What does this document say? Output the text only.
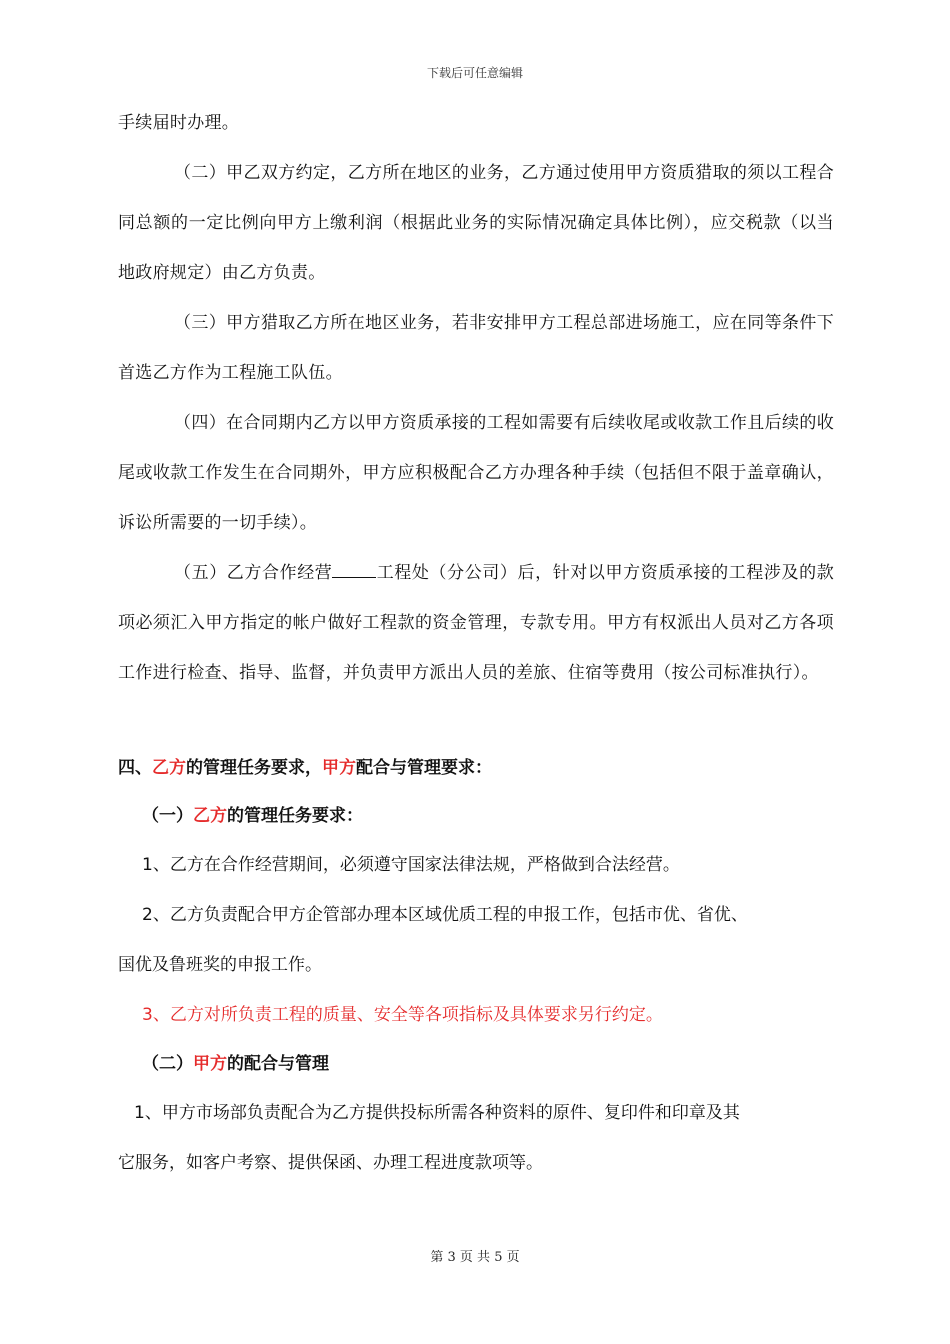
下载后可任意编辑

手续届时办理。

（二）甲乙双方约定，乙方所在地区的业务，乙方通过使用甲方资质猎取的须以工程合同总额的一定比例向甲方上缴利润（根据此业务的实际情况确定具体比例），应交税款（以当地政府规定）由乙方负责。

（三）甲方猎取乙方所在地区业务，若非安排甲方工程总部进场施工，应在同等条件下首选乙方作为工程施工队伍。

（四）在合同期内乙方以甲方资质承接的工程如需要有后续收尾或收款工作且后续的收尾或收款工作发生在合同期外，甲方应积极配合乙方办理各种手续（包括但不限于盖章确认，诉讼所需要的一切手续）。

（五）乙方合作经营	工程处（分公司）后，针对以甲方资质承接的工程涉及的款项必须汇入甲方指定的帐户做好工程款的资金管理，专款专用。甲方有权派出人员对乙方各项工作进行检查、指导、监督，并负责甲方派出人员的差旅、住宿等费用（按公司标准执行）。

四、乙方的管理任务要求，甲方配合与管理要求：

（一）乙方的管理任务要求：

1、乙方在合作经营期间，必须遵守国家法律法规，严格做到合法经营。

2、乙方负责配合甲方企管部办理本区域优质工程的申报工作，包括市优、省优、

国优及鲁班奖的申报工作。

3、乙方对所负责工程的质量、安全等各项指标及具体要求另行约定。

（二）甲方的配合与管理

1、甲方市场部负责配合为乙方提供投标所需各种资料的原件、复印件和印章及其

它服务，如客户考察、提供保函、办理工程进度款项等。

第 3 页 共 5 页
